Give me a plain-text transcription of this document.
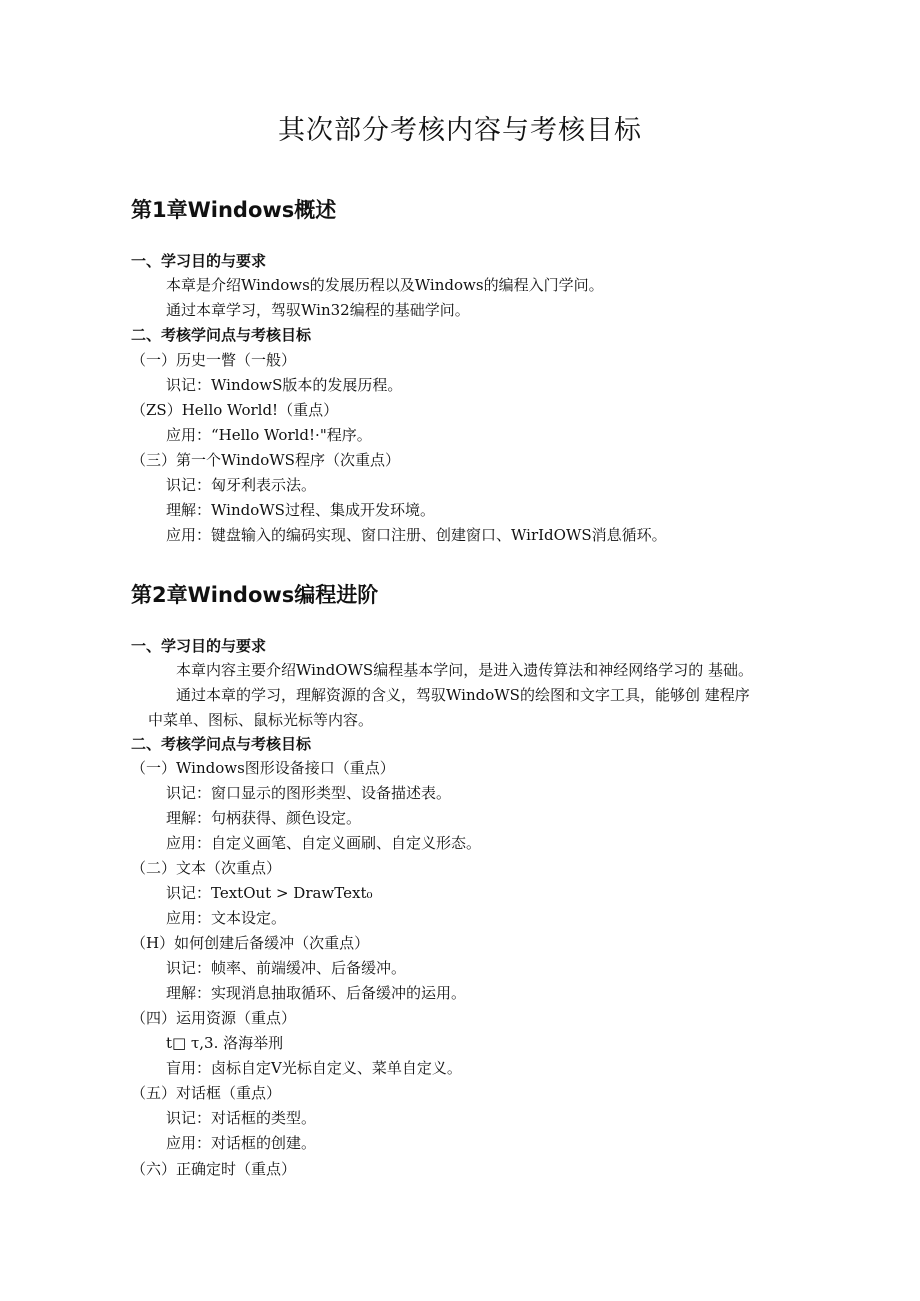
其次部分考核内容与考核目标
第1章Windows概述
一、学习目的与要求
本章是介绍Windows的发展历程以及Windows的编程入门学问。
通过本章学习，驾驭Win32编程的基础学问。
二、考核学问点与考核目标
（一）历史一瞥（一般）
识记：WindowS版本的发展历程。
（ZS）Hello World!（重点）
应用：“Hello World!·"程序。
（三）第一个WindoWS程序（次重点）
识记：匈牙利表示法。
理解：WindoWS过程、集成开发环境。
应用：键盘输入的编码实现、窗口注册、创建窗口、WirIdOWS消息循环。
第2章Windows编程进阶
一、学习目的与要求
本章内容主要介绍WindOWS编程基本学问，是进入遗传算法和神经网络学习的 基础。
通过本章的学习，理解资源的含义，驾驭WindoWS的绘图和文字工具，能够创 建程序
中菜单、图标、鼠标光标等内容。
二、考核学问点与考核目标
（一）Windows图形设备接口（重点）
识记：窗口显示的图形类型、设备描述表。
理解：句柄获得、颜色设定。
应用：自定义画笔、自定义画刷、自定义形态。
（二）文本（次重点）
识记：TextOut > DrawText₀
应用：文本设定。
（H）如何创建后备缓冲（次重点）
识记：帧率、前端缓冲、后备缓冲。
理解：实现消息抽取循环、后备缓冲的运用。
（四）运用资源（重点）
t□ τ,3. 洛海举刑
盲用：卤标自定V光标自定义、菜单自定义。
（五）对话框（重点）
识记：对话框的类型。
应用：对话框的创建。
（六）正确定时（重点）
